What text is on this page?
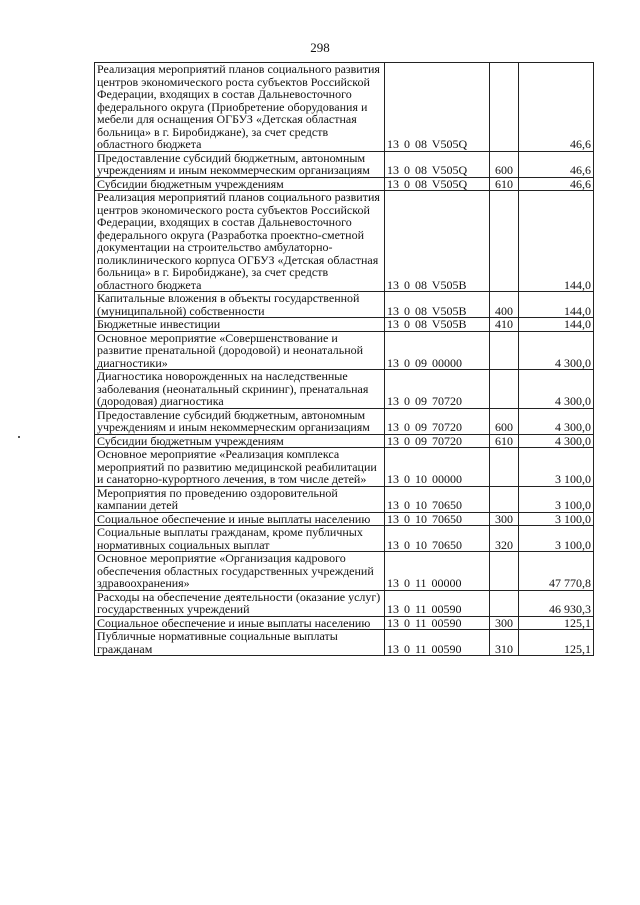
298
Реализация мероприятий планов социального развития центров экономического роста субъектов Российской Федерации, входящих в состав Дальневосточного федерального округа (Приобретение оборудования и мебели для оснащения ОГБУЗ «Детская областная больница» в г. Биробиджане), за счет средств областного бюджета	13 0 08 V505Q		46,6
Предоставление субсидий бюджетным, автономным учреждениям и иным некоммерческим организациям	13 0 08 V505Q	600	46,6
Субсидии бюджетным учреждениям	13 0 08 V505Q	610	46,6
Реализация мероприятий планов социального развития центров экономического роста субъектов Российской Федерации, входящих в состав Дальневосточного федерального округа (Разработка проектно-сметной документации на строительство амбулаторно-поликлинического корпуса ОГБУЗ «Детская областная больница» в г. Биробиджане), за счет средств областного бюджета	13 0 08 V505B		144,0
Капитальные вложения в объекты государственной (муниципальной) собственности	13 0 08 V505B	400	144,0
Бюджетные инвестиции	13 0 08 V505B	410	144,0
Основное мероприятие «Совершенствование и развитие пренатальной (дородовой) и неонатальной диагностики»	13 0 09 00000		4 300,0
Диагностика новорожденных на наследственные заболевания (неонатальный скрининг), пренатальная (дородовая) диагностика	13 0 09 70720		4 300,0
Предоставление субсидий бюджетным, автономным учреждениям и иным некоммерческим организациям	13 0 09 70720	600	4 300,0
Субсидии бюджетным учреждениям	13 0 09 70720	610	4 300,0
Основное мероприятие «Реализация комплекса мероприятий по развитию медицинской реабилитации и санаторно-курортного лечения, в том числе детей»	13 0 10 00000		3 100,0
Мероприятия по проведению оздоровительной кампании детей	13 0 10 70650		3 100,0
Социальное обеспечение и иные выплаты населению	13 0 10 70650	300	3 100,0
Социальные выплаты гражданам, кроме публичных нормативных социальных выплат	13 0 10 70650	320	3 100,0
Основное мероприятие «Организация кадрового обеспечения областных государственных учреждений здравоохранения»	13 0 11 00000		47 770,8
Расходы на обеспечение деятельности (оказание услуг) государственных учреждений	13 0 11 00590		46 930,3
Социальное обеспечение и иные выплаты населению	13 0 11 00590	300	125,1
Публичные нормативные социальные выплаты гражданам	13 0 11 00590	310	125,1
